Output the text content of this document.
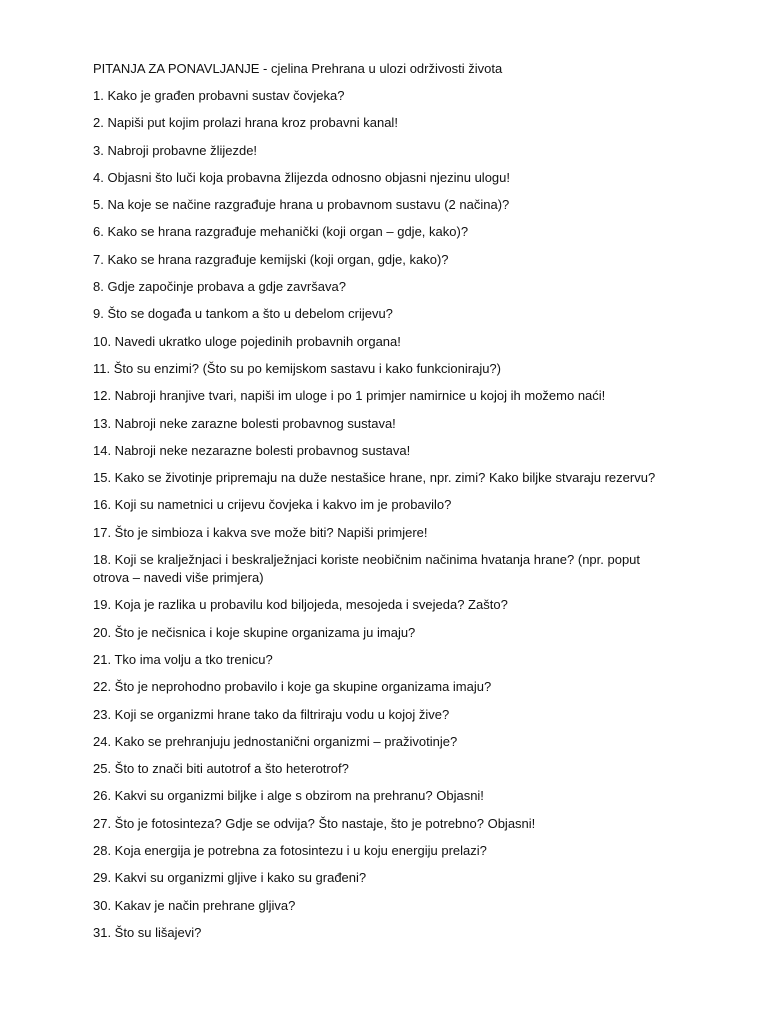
PITANJA ZA PONAVLJANJE - cjelina Prehrana u ulozi održivosti života
1. Kako je građen probavni sustav čovjeka?
2. Napiši put kojim prolazi hrana kroz probavni kanal!
3. Nabroji probavne žlijezde!
4. Objasni što luči koja probavna žlijezda odnosno objasni njezinu ulogu!
5. Na koje se načine razgrađuje hrana u probavnom sustavu (2 načina)?
6. Kako se hrana razgrađuje mehanički (koji organ – gdje, kako)?
7. Kako se hrana razgrađuje kemijski (koji organ, gdje, kako)?
8. Gdje započinje probava a gdje završava?
9. Što se događa u tankom a što u debelom crijevu?
10. Navedi ukratko uloge pojedinih probavnih organa!
11. Što su enzimi? (Što su po kemijskom sastavu i kako funkcioniraju?)
12. Nabroji hranjive tvari, napiši im uloge i po 1 primjer namirnice u kojoj ih možemo naći!
13. Nabroji neke zarazne bolesti probavnog sustava!
14. Nabroji neke nezarazne bolesti probavnog sustava!
15. Kako se životinje pripremaju na duže nestašice hrane, npr. zimi? Kako biljke stvaraju rezervu?
16. Koji su nametnici u crijevu čovjeka i kakvo im je probavilo?
17. Što je simbioza i kakva sve može biti? Napiši primjere!
18. Koji se kralježnjaci i beskralježnjaci koriste neobičnim načinima hvatanja hrane? (npr. poput otrova – navedi više primjera)
19. Koja je razlika u probavilu kod biljojeda, mesojeda i svejeda? Zašto?
20. Što je nečisnica i koje skupine organizama ju imaju?
21. Tko ima volju a tko trenicu?
22. Što je neprohodno probavilo i koje ga skupine organizama imaju?
23. Koji se organizmi hrane tako da filtriraju vodu u kojoj žive?
24. Kako se prehranjuju jednostanični organizmi – praživotinje?
25. Što to znači biti autotrof a što heterotrof?
26. Kakvi su organizmi biljke i alge s obzirom na prehranu? Objasni!
27. Što je fotosinteza? Gdje se odvija? Što nastaje, što je potrebno? Objasni!
28. Koja energija je potrebna za fotosintezu i u koju energiju prelazi?
29. Kakvi su organizmi gljive i kako su građeni?
30. Kakav je način prehrane gljiva?
31. Što su lišajevi?
